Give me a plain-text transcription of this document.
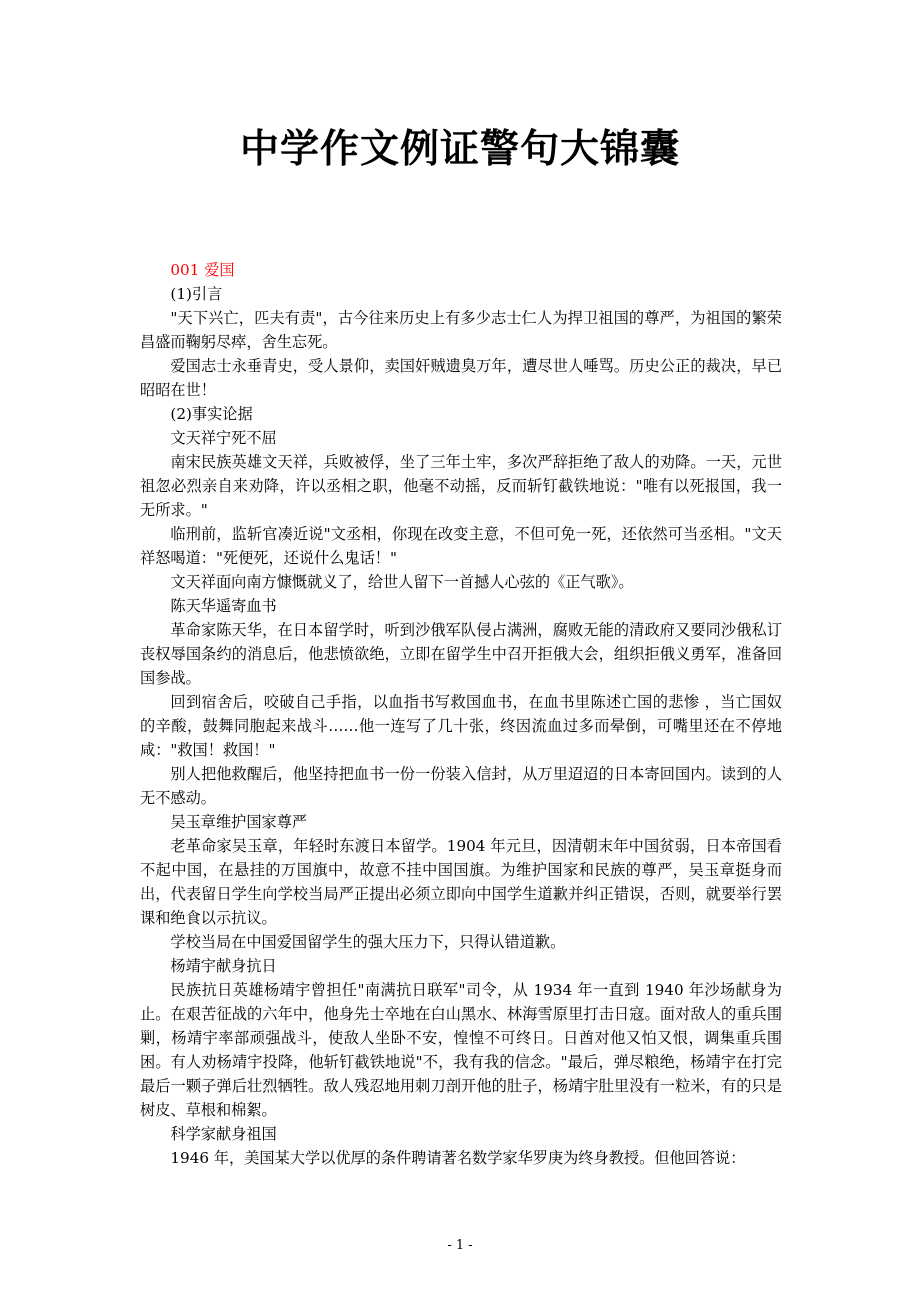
中学作文例证警句大锦囊

001 爱国

(1)引言

"天下兴亡，匹夫有责"，古今往来历史上有多少志士仁人为捍卫祖国的尊严，为祖国的繁荣昌盛而鞠躬尽瘁，舍生忘死。

爱国志士永垂青史，受人景仰，卖国奸贼遗臭万年，遭尽世人唾骂。历史公正的裁决，早已昭昭在世！

(2)事实论据

文天祥宁死不屈

南宋民族英雄文天祥，兵败被俘，坐了三年土牢，多次严辞拒绝了敌人的劝降。一天，元世祖忽必烈亲自来劝降，许以丞相之职，他毫不动摇，反而斩钉截铁地说："唯有以死报国，我一无所求。"

临刑前，监斩官凑近说"文丞相，你现在改变主意，不但可免一死，还依然可当丞相。"文天祥怒喝道："死便死，还说什么鬼话！"

文天祥面向南方慷慨就义了，给世人留下一首撼人心弦的《正气歌》。

陈天华遥寄血书

革命家陈天华，在日本留学时，听到沙俄军队侵占满洲，腐败无能的清政府又要同沙俄私订丧权辱国条约的消息后，他悲愤欲绝，立即在留学生中召开拒俄大会，组织拒俄义勇军，准备回国参战。

回到宿舍后，咬破自己手指，以血指书写救国血书，在血书里陈述亡国的悲惨 ，当亡国奴的辛酸，鼓舞同胞起来战斗……他一连写了几十张，终因流血过多而晕倒，可嘴里还在不停地咸："救国！救国！"

别人把他救醒后，他坚持把血书一份一份装入信封，从万里迢迢的日本寄回国内。读到的人无不感动。

吴玉章维护国家尊严

老革命家吴玉章，年轻时东渡日本留学。1904 年元旦，因清朝末年中国贫弱，日本帝国看不起中国，在悬挂的万国旗中，故意不挂中国国旗。为维护国家和民族的尊严，吴玉章挺身而出，代表留日学生向学校当局严正提出必须立即向中国学生道歉并纠正错误，否则，就要举行罢课和绝食以示抗议。

学校当局在中国爱国留学生的强大压力下，只得认错道歉。

杨靖宇献身抗日

民族抗日英雄杨靖宇曾担任"南满抗日联军"司令，从 1934 年一直到 1940 年沙场献身为止。在艰苦征战的六年中，他身先士卒地在白山黑水、林海雪原里打击日寇。面对敌人的重兵围剿，杨靖宇率部顽强战斗，使敌人坐卧不安，惶惶不可终日。日酋对他又怕又恨，调集重兵围困。有人劝杨靖宇投降，他斩钉截铁地说"不，我有我的信念。"最后，弹尽粮绝，杨靖宇在打完最后一颗子弹后壮烈牺牲。敌人残忍地用刺刀剖开他的肚子，杨靖宇肚里没有一粒米，有的只是树皮、草根和棉絮。

科学家献身祖国

1946 年，美国某大学以优厚的条件聘请著名数学家华罗庚为终身教授。但他回答说：

- 1 -
